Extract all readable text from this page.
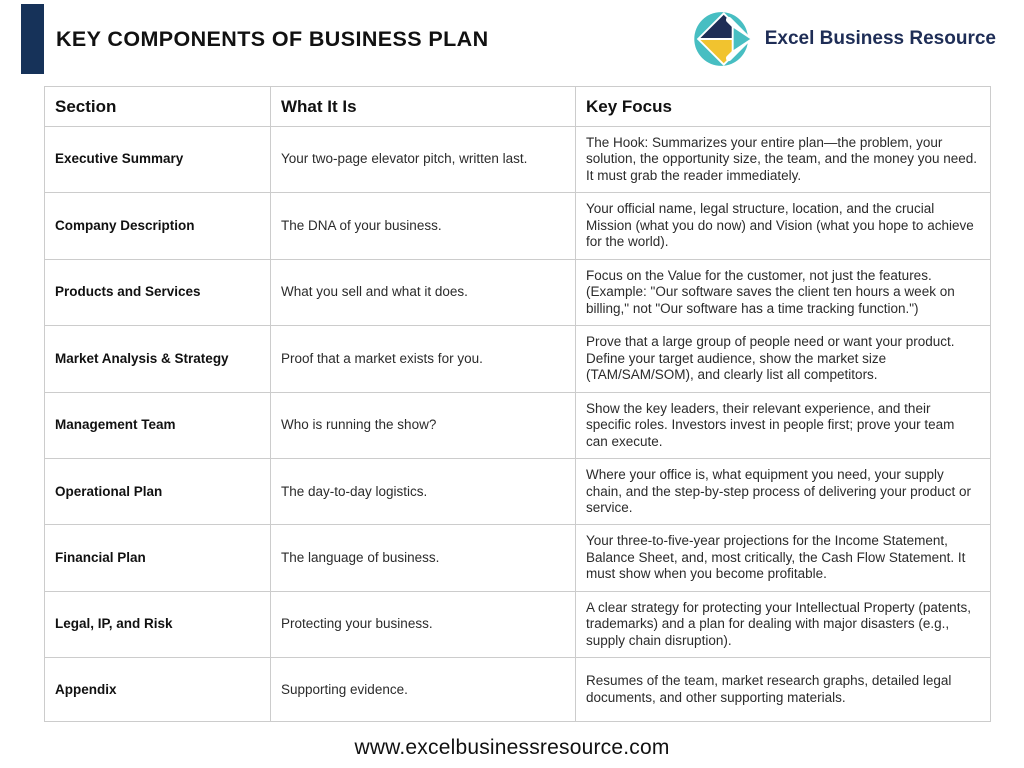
KEY COMPONENTS OF BUSINESS PLAN	Excel Business Resource
Section	What It Is	Key Focus
Executive Summary	Your two-page elevator pitch, written last.	The Hook: Summarizes your entire plan—the problem, your solution, the opportunity size, the team, and the money you need. It must grab the reader immediately.
Company Description	The DNA of your business.	Your official name, legal structure, location, and the crucial Mission (what you do now) and Vision (what you hope to achieve for the world).
Products and Services	What you sell and what it does.	Focus on the Value for the customer, not just the features. (Example: "Our software saves the client ten hours a week on billing," not "Our software has a time tracking function.")
Market Analysis & Strategy	Proof that a market exists for you.	Prove that a large group of people need or want your product. Define your target audience, show the market size (TAM/SAM/SOM), and clearly list all competitors.
Management Team	Who is running the show?	Show the key leaders, their relevant experience, and their specific roles. Investors invest in people first; prove your team can execute.
Operational Plan	The day-to-day logistics.	Where your office is, what equipment you need, your supply chain, and the step-by-step process of delivering your product or service.
Financial Plan	The language of business.	Your three-to-five-year projections for the Income Statement, Balance Sheet, and, most critically, the Cash Flow Statement. It must show when you become profitable.
Legal, IP, and Risk	Protecting your business.	A clear strategy for protecting your Intellectual Property (patents, trademarks) and a plan for dealing with major disasters (e.g., supply chain disruption).
Appendix	Supporting evidence.	Resumes of the team, market research graphs, detailed legal documents, and other supporting materials.
www.excelbusinessresource.com
